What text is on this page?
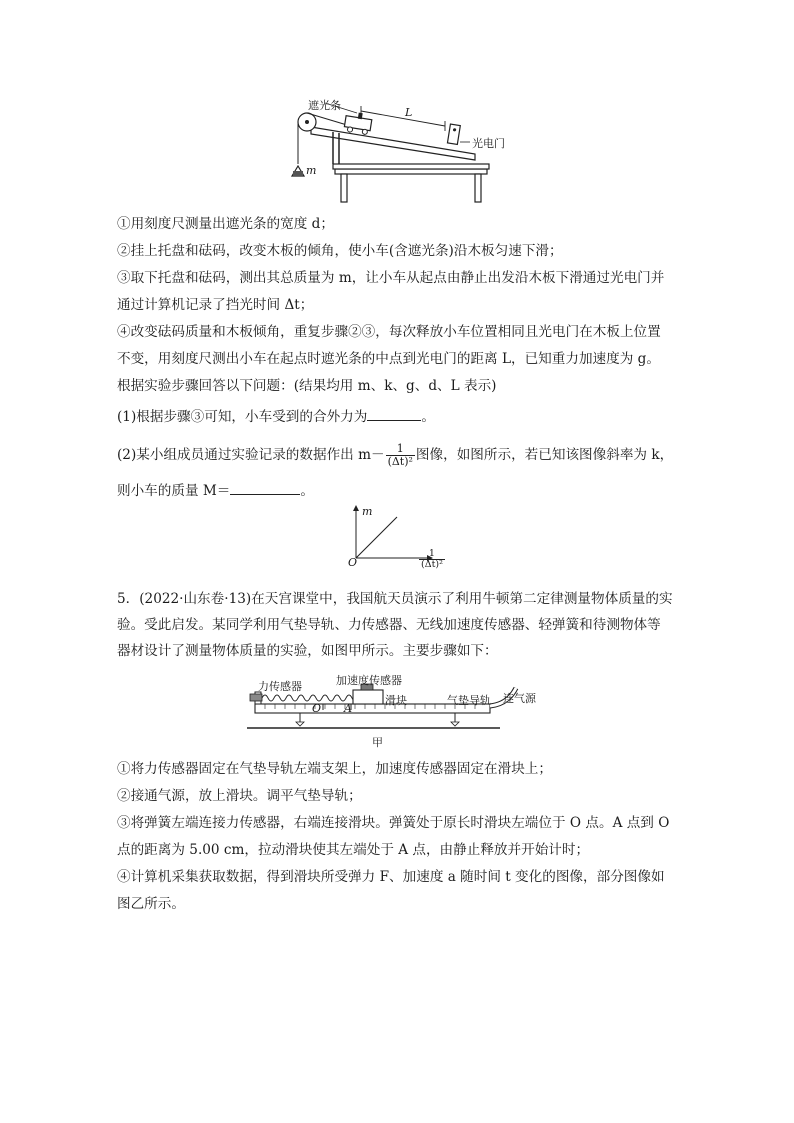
遮光条
L
光电门
m
①用刻度尺测量出遮光条的宽度 d；
②挂上托盘和砝码，改变木板的倾角，使小车(含遮光条)沿木板匀速下滑；
③取下托盘和砝码，测出其总质量为 m，让小车从起点由静止出发沿木板下滑通过光电门并
通过计算机记录了挡光时间 Δt；
④改变砝码质量和木板倾角，重复步骤②③，每次释放小车位置相同且光电门在木板上位置
不变，用刻度尺测出小车在起点时遮光条的中点到光电门的距离 L，已知重力加速度为 g。
根据实验步骤回答以下问题：(结果均用 m、k、g、d、L 表示)
(1)根据步骤③可知，小车受到的合外力为	。
(2)某小组成员通过实验记录的数据作出 $m- \frac{1}{\text{(Δt)²}}$ 图像，如图所示，若已知该图像斜率为 k，
则小车的质量 M＝	。
m
O	$\frac{1}{\text{(Δt)²}}$
5．(2022·山东卷·13)在天宫课堂中，我国航天员演示了利用牛顿第二定律测量物体质量的实
验。受此启发。某同学利用气垫导轨、力传感器、无线加速度传感器、轻弹簧和待测物体等
器材设计了测量物体质量的实验，如图甲所示。主要步骤如下：
力传感器	加速度传感器
滑块	气垫导轨 连气源
O A
甲
①将力传感器固定在气垫导轨左端支架上，加速度传感器固定在滑块上；
②接通气源，放上滑块。调平气垫导轨；
③将弹簧左端连接力传感器，右端连接滑块。弹簧处于原长时滑块左端位于 O 点。A 点到 O
点的距离为 5.00 cm，拉动滑块使其左端处于 A 点，由静止释放并开始计时；
④计算机采集获取数据，得到滑块所受弹力 F、加速度 a 随时间 t 变化的图像，部分图像如
图乙所示。
